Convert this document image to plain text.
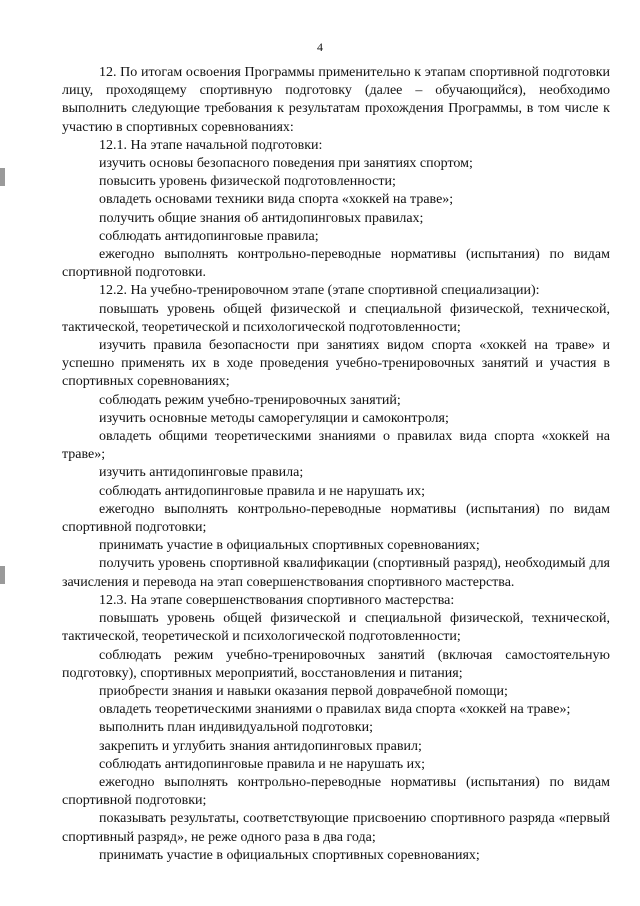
4

12. По итогам освоения Программы применительно к этапам спортивной подготовки лицу, проходящему спортивную подготовку (далее – обучающийся), необходимо выполнить следующие требования к результатам прохождения Программы, в том числе к участию в спортивных соревнованиях:

12.1. На этапе начальной подготовки:

изучить основы безопасного поведения при занятиях спортом;

повысить уровень физической подготовленности;

овладеть основами техники вида спорта «хоккей на траве»;

получить общие знания об антидопинговых правилах;

соблюдать антидопинговые правила;

ежегодно выполнять контрольно-переводные нормативы (испытания) по видам спортивной подготовки.

12.2. На учебно-тренировочном этапе (этапе спортивной специализации):

повышать уровень общей физической и специальной физической, технической, тактической, теоретической и психологической подготовленности;

изучить правила безопасности при занятиях видом спорта «хоккей на траве» и успешно применять их в ходе проведения учебно-тренировочных занятий и участия в спортивных соревнованиях;

соблюдать режим учебно-тренировочных занятий;

изучить основные методы саморегуляции и самоконтроля;

овладеть общими теоретическими знаниями о правилах вида спорта «хоккей на траве»;

изучить антидопинговые правила;

соблюдать антидопинговые правила и не нарушать их;

ежегодно выполнять контрольно-переводные нормативы (испытания) по видам спортивной подготовки;

принимать участие в официальных спортивных соревнованиях;

получить уровень спортивной квалификации (спортивный разряд), необходимый для зачисления и перевода на этап совершенствования спортивного мастерства.

12.3. На этапе совершенствования спортивного мастерства:

повышать уровень общей физической и специальной физической, технической, тактической, теоретической и психологической подготовленности;

соблюдать режим учебно-тренировочных занятий (включая самостоятельную подготовку), спортивных мероприятий, восстановления и питания;

приобрести знания и навыки оказания первой доврачебной помощи;

овладеть теоретическими знаниями о правилах вида спорта «хоккей на траве»;

выполнить план индивидуальной подготовки;

закрепить и углубить знания антидопинговых правил;

соблюдать антидопинговые правила и не нарушать их;

ежегодно выполнять контрольно-переводные нормативы (испытания) по видам спортивной подготовки;

показывать результаты, соответствующие присвоению спортивного разряда «первый спортивный разряд», не реже одного раза в два года;

принимать участие в официальных спортивных соревнованиях;
